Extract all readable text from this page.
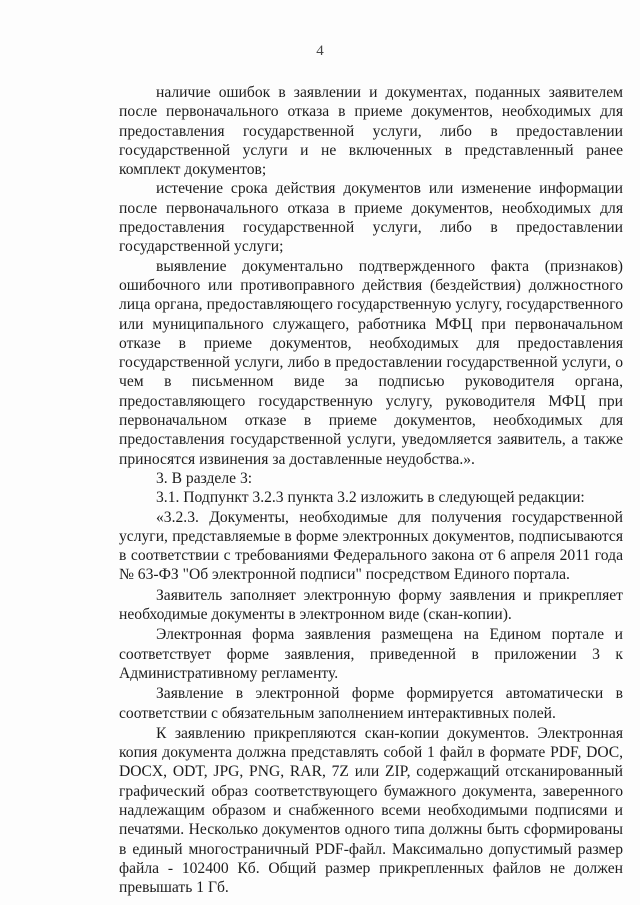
4

наличие ошибок в заявлении и документах, поданных заявителем после первоначального отказа в приеме документов, необходимых для предоставления государственной услуги, либо в предоставлении государственной услуги и не включенных в представленный ранее комплект документов;

истечение срока действия документов или изменение информации после первоначального отказа в приеме документов, необходимых для предоставления государственной услуги, либо в предоставлении государственной услуги;

выявление документально подтвержденного факта (признаков) ошибочного или противоправного действия (бездействия) должностного лица органа, предоставляющего государственную услугу, государственного или муниципального служащего, работника МФЦ при первоначальном отказе в приеме документов, необходимых для предоставления государственной услуги, либо в предоставлении государственной услуги, о чем в письменном виде за подписью руководителя органа, предоставляющего государственную услугу, руководителя МФЦ при первоначальном отказе в приеме документов, необходимых для предоставления государственной услуги, уведомляется заявитель, а также приносятся извинения за доставленные неудобства.».

3. В разделе 3:

3.1. Подпункт 3.2.3 пункта 3.2 изложить в следующей редакции:

«3.2.3. Документы, необходимые для получения государственной услуги, представляемые в форме электронных документов, подписываются в соответствии с требованиями Федерального закона от 6 апреля 2011 года № 63-ФЗ "Об электронной подписи" посредством Единого портала.

Заявитель заполняет электронную форму заявления и прикрепляет необходимые документы в электронном виде (скан-копии).

Электронная форма заявления размещена на Едином портале и соответствует форме заявления, приведенной в приложении 3 к Административному регламенту.

Заявление в электронной форме формируется автоматически в соответствии с обязательным заполнением интерактивных полей.

К заявлению прикрепляются скан-копии документов. Электронная копия документа должна представлять собой 1 файл в формате PDF, DOC, DOCX, ODT, JPG, PNG, RAR, 7Z или ZIP, содержащий отсканированный графический образ соответствующего бумажного документа, заверенного надлежащим образом и снабженного всеми необходимыми подписями и печатями. Несколько документов одного типа должны быть сформированы в единый многостраничный PDF-файл. Максимально допустимый размер файла - 102400 Кб. Общий размер прикрепленных файлов не должен превышать 1 Гб.
